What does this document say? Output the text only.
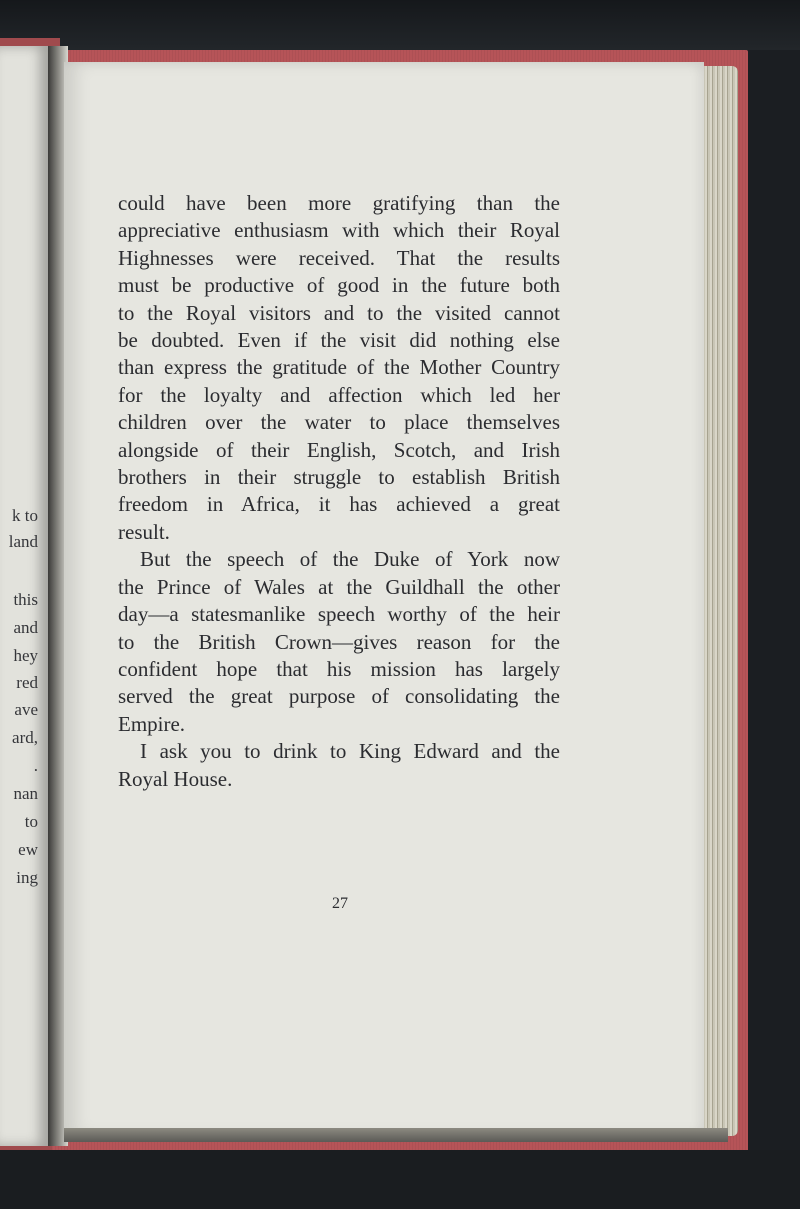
k to
land
this
and
hey
red
ave
ard,
.
nan
to
ew
ing

could have been more gratifying than the
appreciative enthusiasm with which their Royal
Highnesses were received. That the results
must be productive of good in the future both
to the Royal visitors and to the visited cannot
be doubted. Even if the visit did nothing else
than express the gratitude of the Mother Country
for the loyalty and affection which led her
children over the water to place themselves
alongside of their English, Scotch, and Irish
brothers in their struggle to establish British
freedom in Africa, it has achieved a great
result.

But the speech of the Duke of York now
the Prince of Wales at the Guildhall the other
day—a statesmanlike speech worthy of the heir
to the British Crown—gives reason for the
confident hope that his mission has largely
served the great purpose of consolidating the
Empire.

I ask you to drink to King Edward and the
Royal House.

27
